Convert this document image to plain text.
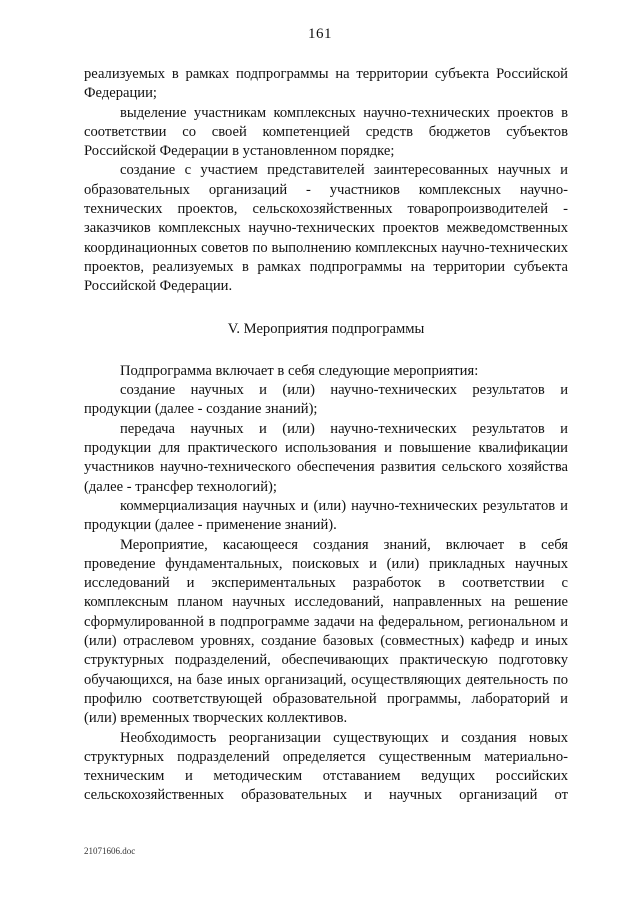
161

реализуемых в рамках подпрограммы на территории субъекта Российской Федерации;

выделение участникам комплексных научно-технических проектов в соответствии со своей компетенцией средств бюджетов субъектов Российской Федерации в установленном порядке;

создание с участием представителей заинтересованных научных и образовательных организаций - участников комплексных научно-технических проектов, сельскохозяйственных товаропроизводителей - заказчиков комплексных научно-технических проектов межведомственных координационных советов по выполнению комплексных научно-технических проектов, реализуемых в рамках подпрограммы на территории субъекта Российской Федерации.

V. Мероприятия подпрограммы

Подпрограмма включает в себя следующие мероприятия:

создание научных и (или) научно-технических результатов и продукции (далее - создание знаний);

передача научных и (или) научно-технических результатов и продукции для практического использования и повышение квалификации участников научно-технического обеспечения развития сельского хозяйства (далее - трансфер технологий);

коммерциализация научных и (или) научно-технических результатов и продукции (далее - применение знаний).

Мероприятие, касающееся создания знаний, включает в себя проведение фундаментальных, поисковых и (или) прикладных научных исследований и экспериментальных разработок в соответствии с комплексным планом научных исследований, направленных на решение сформулированной в подпрограмме задачи на федеральном, региональном и (или) отраслевом уровнях, создание базовых (совместных) кафедр и иных структурных подразделений, обеспечивающих практическую подготовку обучающихся, на базе иных организаций, осуществляющих деятельность по профилю соответствующей образовательной программы, лабораторий и (или) временных творческих коллективов.

Необходимость реорганизации существующих и создания новых структурных подразделений определяется существенным материально-техническим и методическим отставанием ведущих российских сельскохозяйственных образовательных и научных организаций от

21071606.doc
